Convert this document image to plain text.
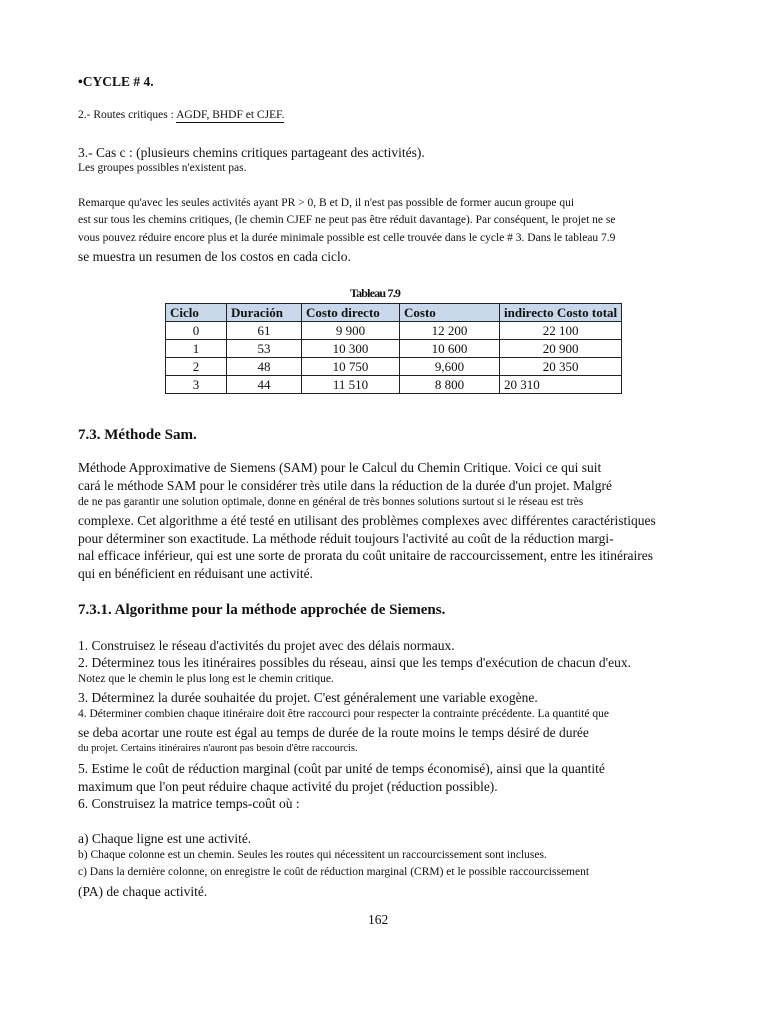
•CYCLE # 4.
2.- Routes critiques : AGDF, BHDF et CJEF.
3.- Cas c : (plusieurs chemins critiques partageant des activités).
Les groupes possibles n'existent pas.
Remarque qu'avec les seules activités ayant PR > 0, B et D, il n'est pas possible de former aucun groupe qui
est sur tous les chemins critiques, (le chemin CJEF ne peut pas être réduit davantage). Par conséquent, le projet ne se
vous pouvez réduire encore plus et la durée minimale possible est celle trouvée dans le cycle # 3. Dans le tableau 7.9
se muestra un resumen de los costos en cada ciclo.
Tableau 7.9
Ciclo	Duración	Costo directo	Costo	indirecto Costo total
0	61	9 900	12 200	22 100
1	53	10 300	10 600	20 900
2	48	10 750	9,600	20 350
3	44	11 510	8 800	20 310
7.3. Méthode Sam.
Méthode Approximative de Siemens (SAM) pour le Calcul du Chemin Critique. Voici ce qui suit
cará le méthode SAM pour le considérer très utile dans la réduction de la durée d'un projet. Malgré
de ne pas garantir une solution optimale, donne en général de très bonnes solutions surtout si le réseau est très
complexe. Cet algorithme a été testé en utilisant des problèmes complexes avec différentes caractéristiques
pour déterminer son exactitude. La méthode réduit toujours l'activité au coût de la réduction margi-
nal efficace inférieur, qui est une sorte de prorata du coût unitaire de raccourcissement, entre les itinéraires
qui en bénéficient en réduisant une activité.
7.3.1. Algorithme pour la méthode approchée de Siemens.
1. Construisez le réseau d'activités du projet avec des délais normaux.
2. Déterminez tous les itinéraires possibles du réseau, ainsi que les temps d'exécution de chacun d'eux.
Notez que le chemin le plus long est le chemin critique.
3. Déterminez la durée souhaitée du projet. C'est généralement une variable exogène.
4. Déterminer combien chaque itinéraire doit être raccourci pour respecter la contrainte précédente. La quantité que
se deba acortar une route est égal au temps de durée de la route moins le temps désiré de durée
du projet. Certains itinéraires n'auront pas besoin d'être raccourcis.
5. Estime le coût de réduction marginal (coût par unité de temps économisé), ainsi que la quantité
maximum que l'on peut réduire chaque activité du projet (réduction possible).
6. Construisez la matrice temps-coût où :
a) Chaque ligne est une activité.
b) Chaque colonne est un chemin. Seules les routes qui nécessitent un raccourcissement sont incluses.
c) Dans la dernière colonne, on enregistre le coût de réduction marginal (CRM) et le possible raccourcissement
(PA) de chaque activité.
162
